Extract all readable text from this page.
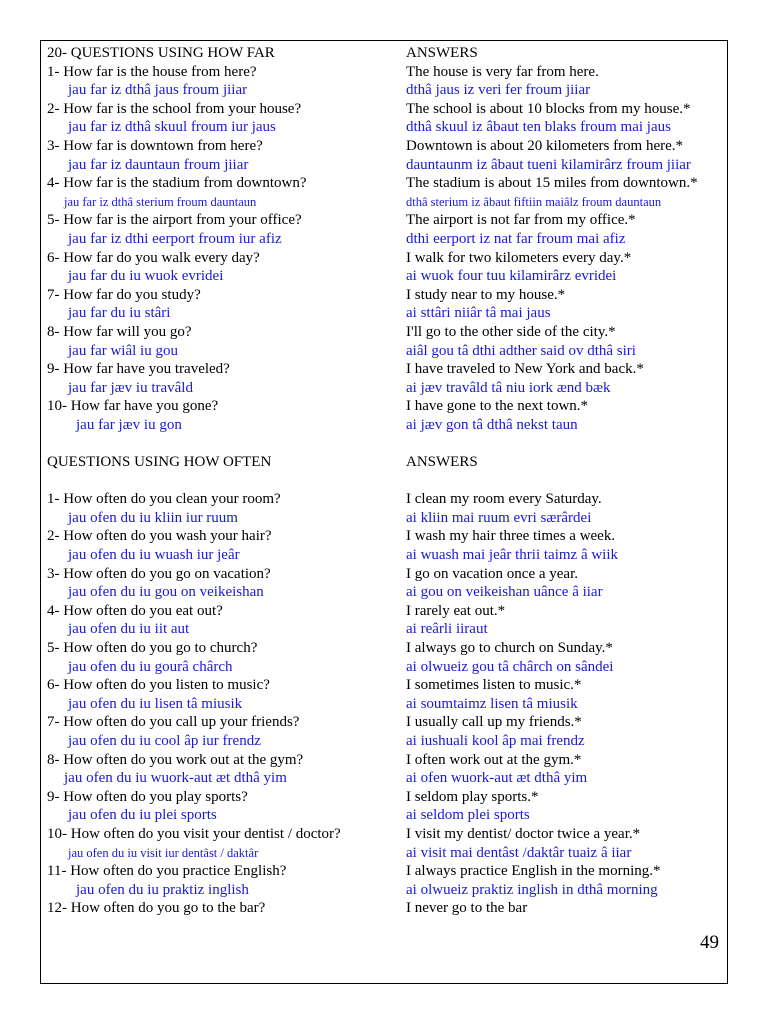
20- QUESTIONS USING HOW FAR
1- How far is the house from here?
jau far iz dthâ jaus froum jiiar
2- How far is the school from your house?
jau far iz dthâ skuul froum iur jaus
3- How far is downtown from here?
jau far iz dauntaun froum jiiar
4- How far is the stadium from downtown?
jau far iz dthâ sterium froum dauntaun
5- How far is the airport from your office?
jau far iz dthi eerport froum iur afiz
6- How far do you walk every day?
jau far du iu wuok evridei
7- How far do you study?
jau far du iu stâri
8- How far will you go?
jau far wiâl iu gou
9- How far have you traveled?
jau far jæv iu travâld
10- How far have you gone?
jau far jæv iu gon
QUESTIONS USING HOW OFTEN
1- How often do you clean your room?
jau ofen du iu kliin iur ruum
2- How often do you wash your hair?
jau ofen du iu wuash iur jeâr
3- How often do you go on vacation?
jau ofen du iu gou on veikeishan
4- How often do you eat out?
jau ofen du iu iit aut
5- How often do you go to church?
jau ofen du iu gourâ chârch
6- How often do you listen to music?
jau ofen du iu lisen tâ miusik
7- How often do you call up your friends?
jau ofen du iu cool âp iur frendz
8- How often do you work out at the gym?
jau ofen du iu wuork-aut æt dthâ yim
9- How often do you play sports?
jau ofen du iu plei sports
10- How often do you visit your dentist / doctor?
jau ofen du iu visit iur dentâst / daktâr
11- How often do you practice English?
jau ofen du iu praktiz inglish
12- How often do you go to the bar?
ANSWERS
The house is very far from here.
dthâ jaus iz veri fer froum jiiar
The school is about 10 blocks from my house.*
dthâ skuul iz âbaut ten blaks froum mai jaus
Downtown is about 20 kilometers from here.*
dauntaunm iz âbaut tueni kilamirârz froum jiiar
The stadium is about 15 miles from downtown.*
dthâ sterium iz âbaut fiftiin maiâlz froum dauntaun
The airport is not far from my office.*
dthi eerport iz nat far froum mai afiz
I walk for two kilometers every day.*
ai wuok four tuu kilamirârz evridei
I study near to my house.*
ai sttâri niiâr tâ mai jaus
I'll go to the other side of the city.*
aiâl gou tâ dthi adther said ov dthâ siri
I have traveled to New York and back.*
ai jæv travâld tâ niu iork ænd bæk
I have gone to the next town.*
ai jæv gon tâ dthâ nekst taun
ANSWERS
I clean my room every Saturday.
ai kliin mai ruum evri særârdei
I wash my hair three times a week.
ai wuash mai jeâr thrii taimz â wiik
I go on vacation once a year.
ai gou on veikeishan uânce â iiar
I rarely eat out.*
ai reârli iiraut
I always go to church on Sunday.*
ai olwueiz gou tâ chârch on sândei
I sometimes listen to music.*
ai soumtaimz lisen tâ miusik
I usually call up my friends.*
ai iushuali kool âp mai frendz
I often work out at the gym.*
ai ofen wuork-aut æt dthâ yim
I seldom play sports.*
ai seldom plei sports
I visit my dentist/ doctor twice a year.*
ai visit mai dentâst /daktâr tuaiz â iiar
I always practice English in the morning.*
ai olwueiz praktiz inglish in dthâ morning
I never go to the bar
49
